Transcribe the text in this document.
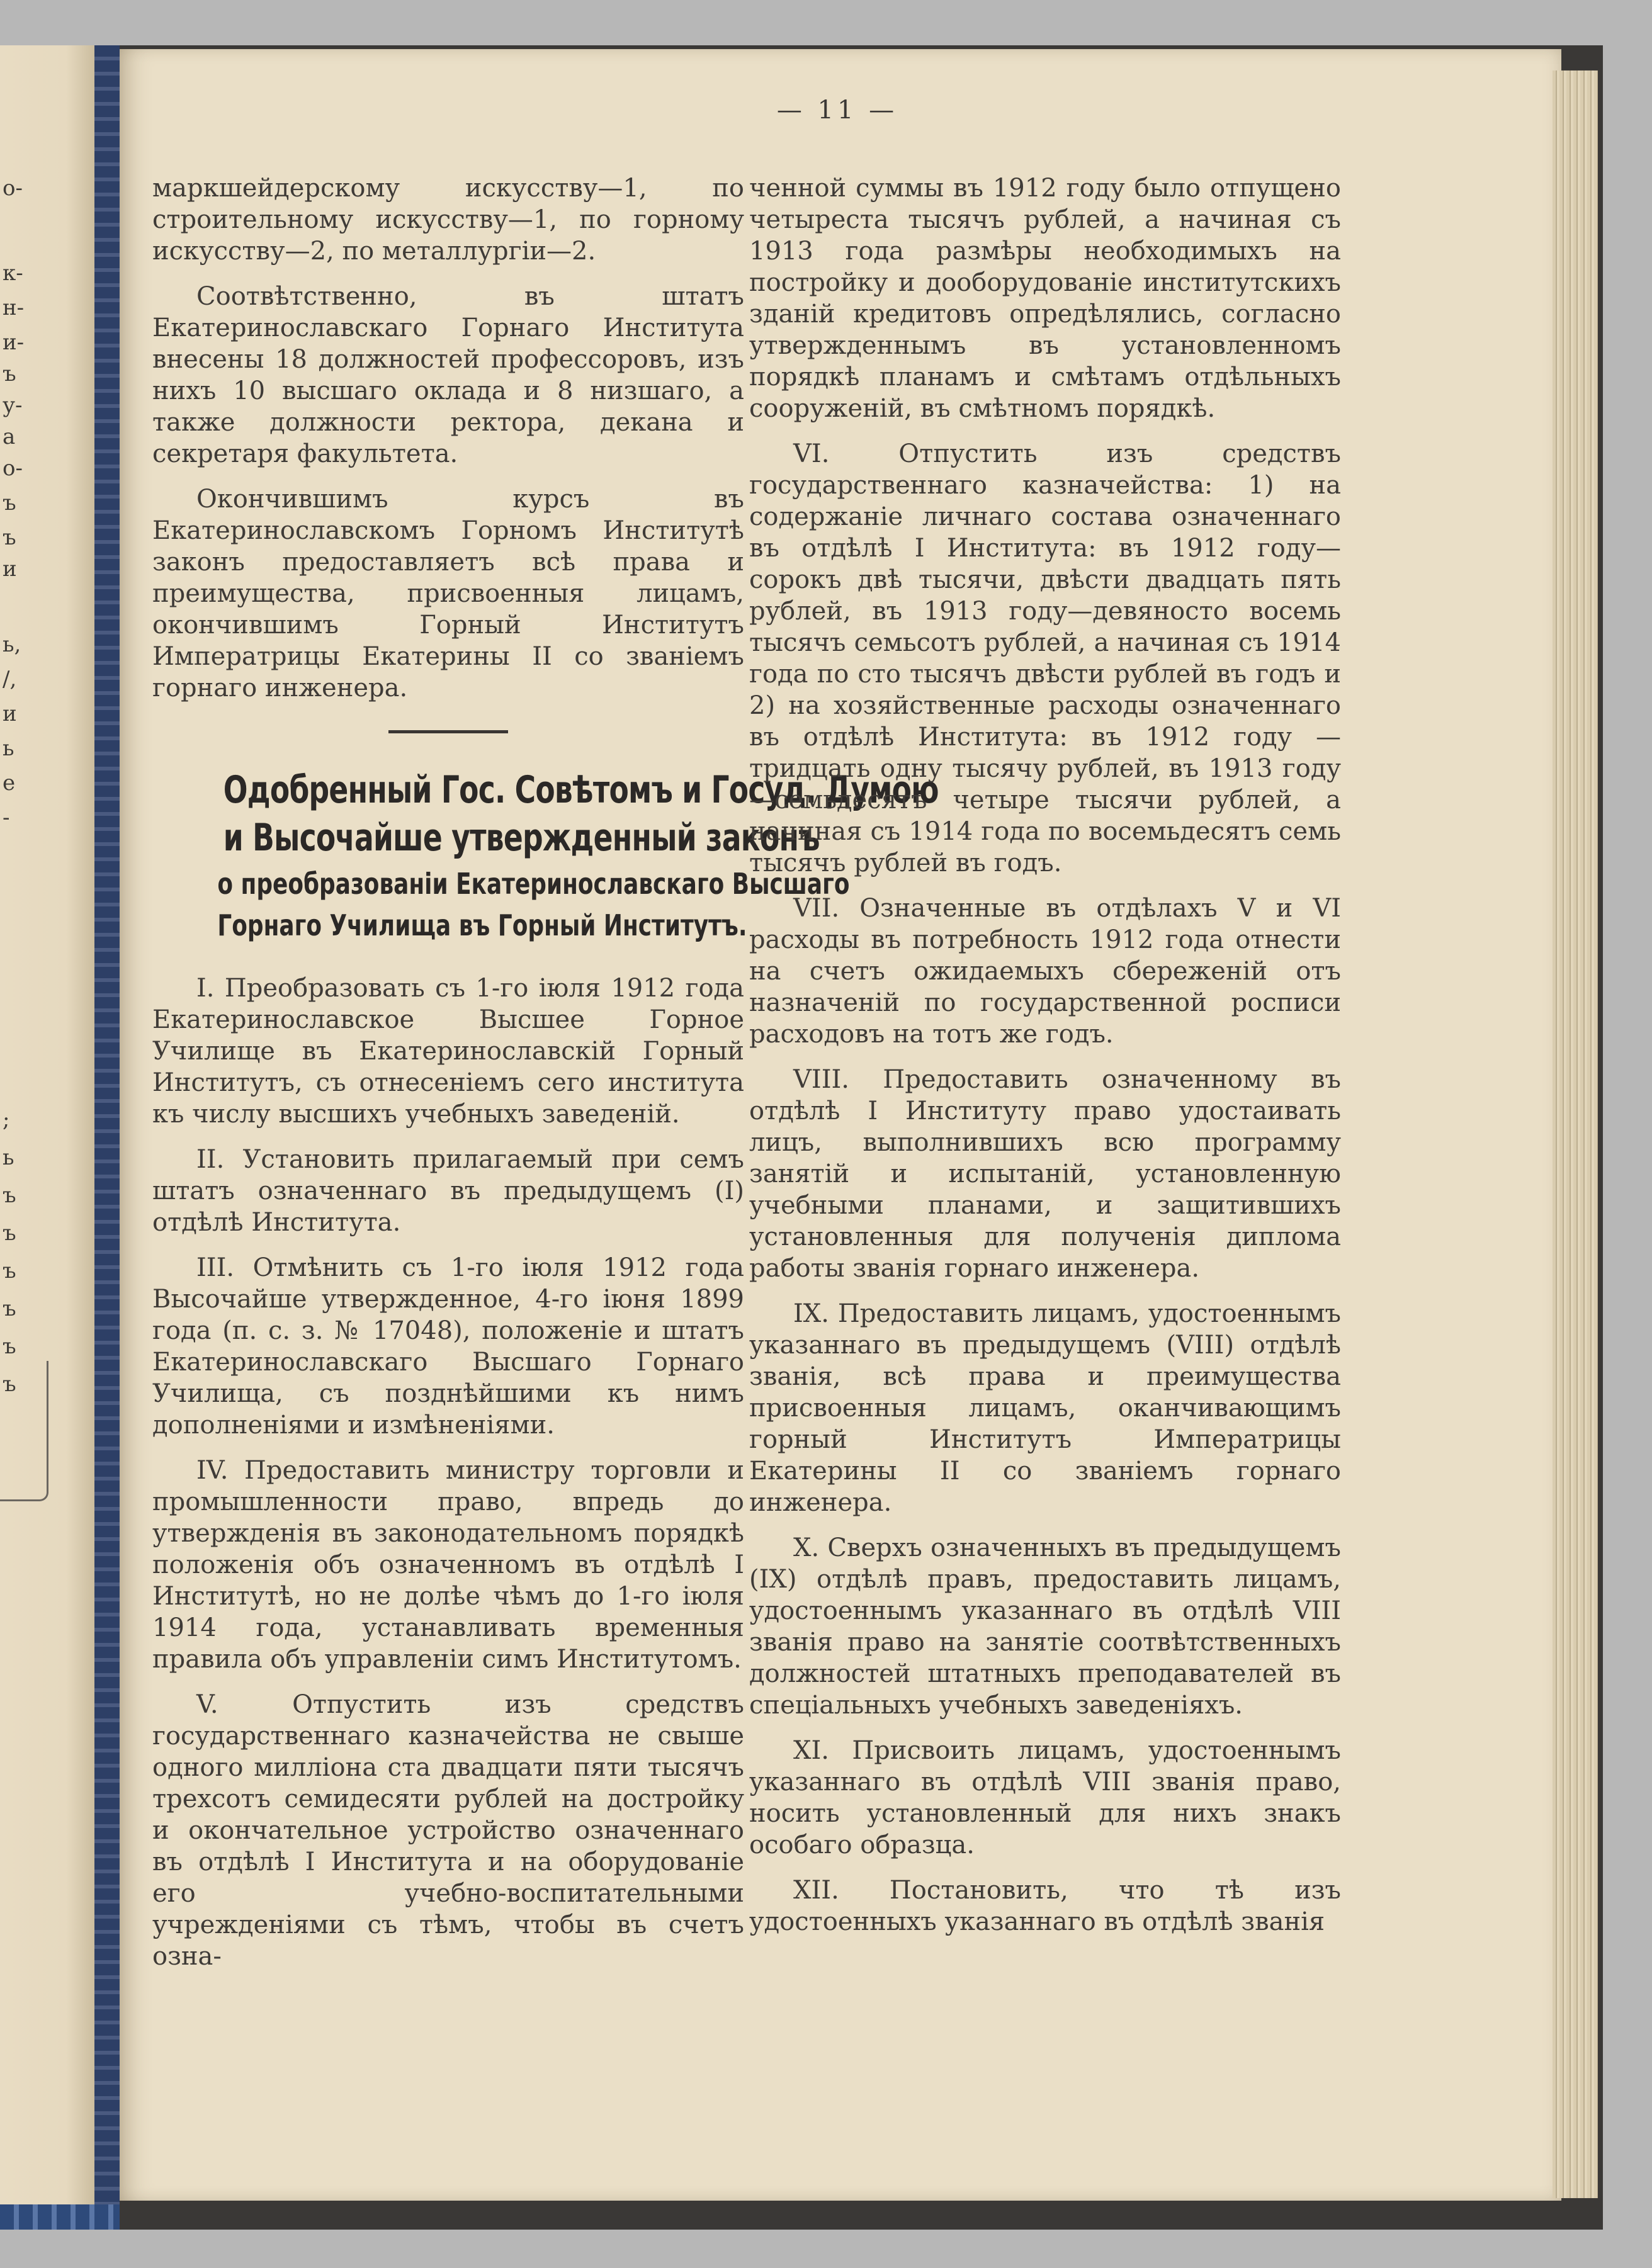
о-
к-
н-
и-
ъ
у-
а
о-
ъ
ъ
и
ь,
/,
и
ь
е
-
;
ь
ъ
ъ
ъ
ъ
ъ
ъ
— 11 —

маркшейдерскому искусству—1, по строительному искусству—1, по горному искусству—2, по металлургіи—2.

Соотвѣтственно, въ штатъ Екатеринославскаго Горнаго Института внесены 18 должностей профессоровъ, изъ нихъ 10 высшаго оклада и 8 низшаго, а также должности ректора, декана и секретаря факультета.

Окончившимъ курсъ въ Екатеринославскомъ Горномъ Институтѣ законъ предоставляетъ всѣ права и преимущества, присвоенныя лицамъ, окончившимъ Горный Институтъ Императрицы Екатерины II со званіемъ горнаго инженера.

Одобренный Гос. Совѣтомъ и Госуд. Думою
и Высочайше утвержденный законъ
о преобразованіи Екатеринославскаго Высшаго
Горнаго Училища въ Горный Институтъ.

I. Преобразовать съ 1-го іюля 1912 года Екатеринославское Высшее Горное Училище въ Екатеринославскій Горный Институтъ, съ отнесеніемъ сего института къ числу высшихъ учебныхъ заведеній.

II. Установить прилагаемый при семъ штатъ означеннаго въ предыдущемъ (I) отдѣлѣ Института.

III. Отмѣнить съ 1-го іюля 1912 года Высочайше утвержденное, 4-го іюня 1899 года (п. с. з. № 17048), положеніе и штатъ Екатеринославскаго Высшаго Горнаго Училища, съ позднѣйшими къ нимъ дополненіями и измѣненіями.

IV. Предоставить министру торговли и промышленности право, впредь до утвержденія въ законодательномъ порядкѣ положенія объ означенномъ въ отдѣлѣ I Институтѣ, но не долѣе чѣмъ до 1-го іюля 1914 года, устанавливать временныя правила объ управленіи симъ Институтомъ.

V. Отпустить изъ средствъ государственнаго казначейства не свыше одного милліона ста двадцати пяти тысячъ трехсотъ семидесяти рублей на достройку и окончательное устройство означеннаго въ отдѣлѣ I Института и на оборудованіе его учебно-воспитательными учрежденіями съ тѣмъ, чтобы въ счетъ озна-

ченной суммы въ 1912 году было отпущено четыреста тысячъ рублей, а начиная съ 1913 года размѣры необходимыхъ на постройку и дооборудованіе институтскихъ зданій кредитовъ опредѣлялись, согласно утвержденнымъ въ установленномъ порядкѣ планамъ и смѣтамъ отдѣльныхъ сооруженій, въ смѣтномъ порядкѣ.

VI. Отпустить изъ средствъ государственнаго казначейства: 1) на содержаніе личнаго состава означеннаго въ отдѣлѣ I Института: въ 1912 году—сорокъ двѣ тысячи, двѣсти двадцать пять рублей, въ 1913 году—девяносто восемь тысячъ семьсотъ рублей, а начиная съ 1914 года по сто тысячъ двѣсти рублей въ годъ и 2) на хозяйственные расходы означеннаго въ отдѣлѣ Института: въ 1912 году —тридцать одну тысячу рублей, въ 1913 году—семьдесятъ четыре тысячи рублей, а начиная съ 1914 года по восемьдесятъ семь тысячъ рублей въ годъ.

VII. Означенные въ отдѣлахъ V и VI расходы въ потребность 1912 года отнести на счетъ ожидаемыхъ сбереженій отъ назначеній по государственной росписи расходовъ на тотъ же годъ.

VIII. Предоставить означенному въ отдѣлѣ I Институту право удостаивать лицъ, выполнившихъ всю программу занятій и испытаній, установленную учебными планами, и защитившихъ установленныя для полученія диплома работы званія горнаго инженера.

IX. Предоставить лицамъ, удостоеннымъ указаннаго въ предыдущемъ (VIII) отдѣлѣ званія, всѣ права и преимущества присвоенныя лицамъ, оканчивающимъ горный Институтъ Императрицы Екатерины II со званіемъ горнаго инженера.

X. Сверхъ означенныхъ въ предыдущемъ (IX) отдѣлѣ правъ, предоставить лицамъ, удостоеннымъ указаннаго въ отдѣлѣ VIII званія право на занятіе соотвѣтственныхъ должностей штатныхъ преподавателей въ спеціальныхъ учебныхъ заведеніяхъ.

XI. Присвоить лицамъ, удостоеннымъ указаннаго въ отдѣлѣ VIII званія право, носить установленный для нихъ знакъ особаго образца.

XII. Постановить, что тѣ изъ удостоенныхъ указаннаго въ отдѣлѣ званія
